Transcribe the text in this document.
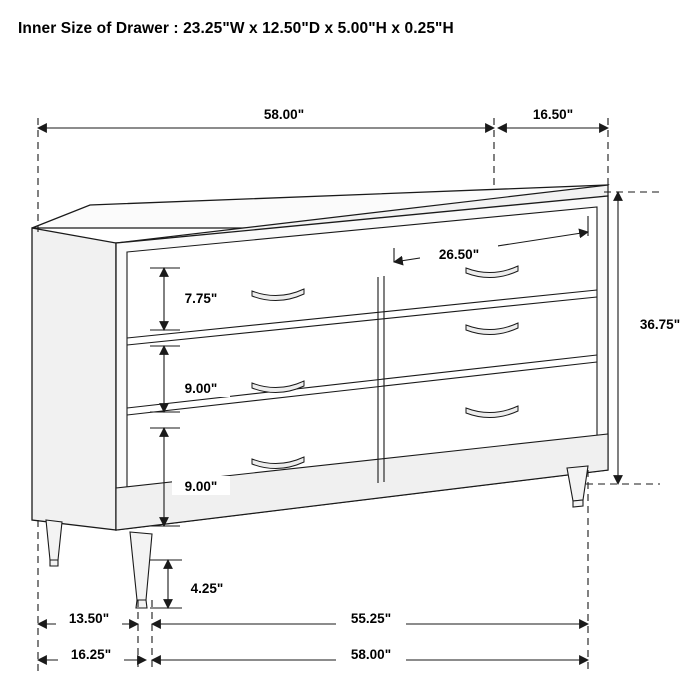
Inner Size of Drawer : 23.25"W x 12.50"D x 5.00"H x 0.25"H
58.00"	16.50"
36.75"
26.50"
7.75"
9.00"
9.00"
4.25"
13.50"	55.25"
16.25"	58.00"
